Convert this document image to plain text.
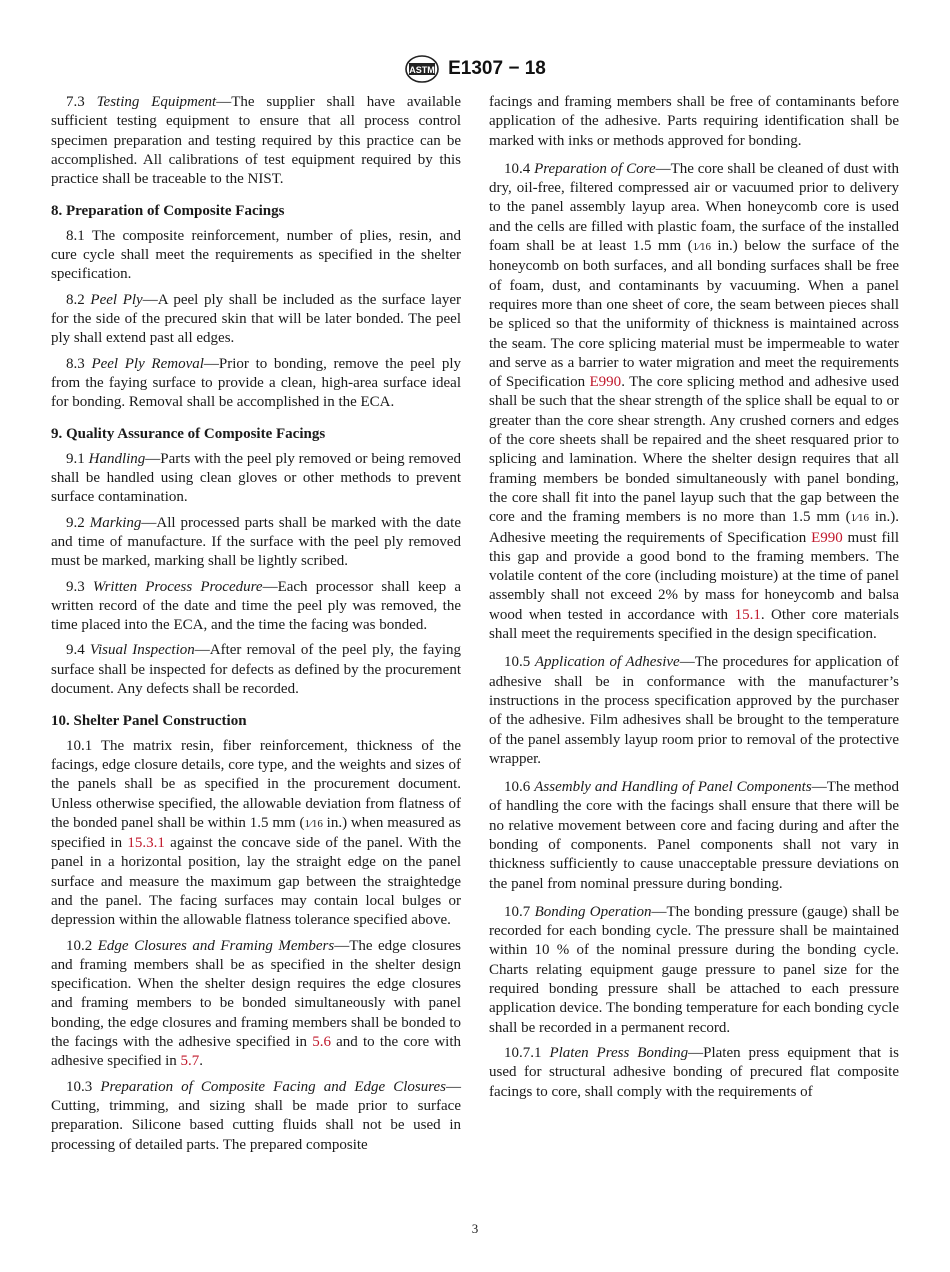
ASTM E1307 − 18

7.3 Testing Equipment—The supplier shall have available sufficient testing equipment to ensure that all process control specimen preparation and testing required by this practice can be accomplished. All calibrations of test equipment required by this practice shall be traceable to the NIST.

8. Preparation of Composite Facings

8.1 The composite reinforcement, number of plies, resin, and cure cycle shall meet the requirements as specified in the shelter specification.

8.2 Peel Ply—A peel ply shall be included as the surface layer for the side of the precured skin that will be later bonded. The peel ply shall extend past all edges.

8.3 Peel Ply Removal—Prior to bonding, remove the peel ply from the faying surface to provide a clean, high-area surface ideal for bonding. Removal shall be accomplished in the ECA.

9. Quality Assurance of Composite Facings

9.1 Handling—Parts with the peel ply removed or being removed shall be handled using clean gloves or other methods to prevent surface contamination.

9.2 Marking—All processed parts shall be marked with the date and time of manufacture. If the surface with the peel ply removed must be marked, marking shall be lightly scribed.

9.3 Written Process Procedure—Each processor shall keep a written record of the date and time the peel ply was removed, the time placed into the ECA, and the time the facing was bonded.

9.4 Visual Inspection—After removal of the peel ply, the faying surface shall be inspected for defects as defined by the procurement document. Any defects shall be recorded.

10. Shelter Panel Construction

10.1 The matrix resin, fiber reinforcement, thickness of the facings, edge closure details, core type, and the weights and sizes of the panels shall be as specified in the procurement document. Unless otherwise specified, the allowable deviation from flatness of the bonded panel shall be within 1.5 mm (1⁄16 in.) when measured as specified in 15.3.1 against the concave side of the panel. With the panel in a horizontal position, lay the straight edge on the panel surface and measure the maximum gap between the straightedge and the panel. The facing surfaces may contain local bulges or depression within the allowable flatness tolerance specified above.

10.2 Edge Closures and Framing Members—The edge closures and framing members shall be as specified in the shelter design specification. When the shelter design requires the edge closures and framing members to be bonded simultaneously with panel bonding, the edge closures and framing members shall be bonded to the facings with the adhesive specified in 5.6 and to the core with adhesive specified in 5.7.

10.3 Preparation of Composite Facing and Edge Closures—Cutting, trimming, and sizing shall be made prior to surface preparation. Silicone based cutting fluids shall not be used in processing of detailed parts. The prepared composite

facings and framing members shall be free of contaminants before application of the adhesive. Parts requiring identification shall be marked with inks or methods approved for bonding.

10.4 Preparation of Core—The core shall be cleaned of dust with dry, oil-free, filtered compressed air or vacuumed prior to delivery to the panel assembly layup area. When honeycomb core is used and the cells are filled with plastic foam, the surface of the installed foam shall be at least 1.5 mm (1⁄16 in.) below the surface of the honeycomb on both surfaces, and all bonding surfaces shall be free of foam, dust, and contaminants by vacuuming. When a panel requires more than one sheet of core, the seam between pieces shall be spliced so that the uniformity of thickness is maintained across the seam. The core splicing material must be impermeable to water and serve as a barrier to water migration and meet the requirements of Specification E990. The core splicing method and adhesive used shall be such that the shear strength of the splice shall be equal to or greater than the core shear strength. Any crushed corners and edges of the core sheets shall be repaired and the sheet resquared prior to splicing and lamination. Where the shelter design requires that all framing members be bonded simultaneously with panel bonding, the core shall fit into the panel layup such that the gap between the core and the framing members is no more than 1.5 mm (1⁄16 in.). Adhesive meeting the requirements of Specification E990 must fill this gap and provide a good bond to the framing members. The volatile content of the core (including moisture) at the time of panel assembly shall not exceed 2% by mass for honeycomb and balsa wood when tested in accordance with 15.1. Other core materials shall meet the requirements specified in the design specification.

10.5 Application of Adhesive—The procedures for application of adhesive shall be in conformance with the manufacturer’s instructions in the process specification approved by the purchaser of the adhesive. Film adhesives shall be brought to the temperature of the panel assembly layup room prior to removal of the protective wrapper.

10.6 Assembly and Handling of Panel Components—The method of handling the core with the facings shall ensure that there will be no relative movement between core and facing during and after the bonding of components. Panel components shall not vary in thickness sufficiently to cause unacceptable pressure deviations on the panel from nominal pressure during bonding.

10.7 Bonding Operation—The bonding pressure (gauge) shall be recorded for each bonding cycle. The pressure shall be maintained within 10 % of the nominal pressure during the bonding cycle. Charts relating equipment gauge pressure to panel size for the required bonding pressure shall be attached to each pressure application device. The bonding temperature for each bonding cycle shall be recorded in a permanent record.

10.7.1 Platen Press Bonding—Platen press equipment that is used for structural adhesive bonding of precured flat composite facings to core, shall comply with the requirements of

3
